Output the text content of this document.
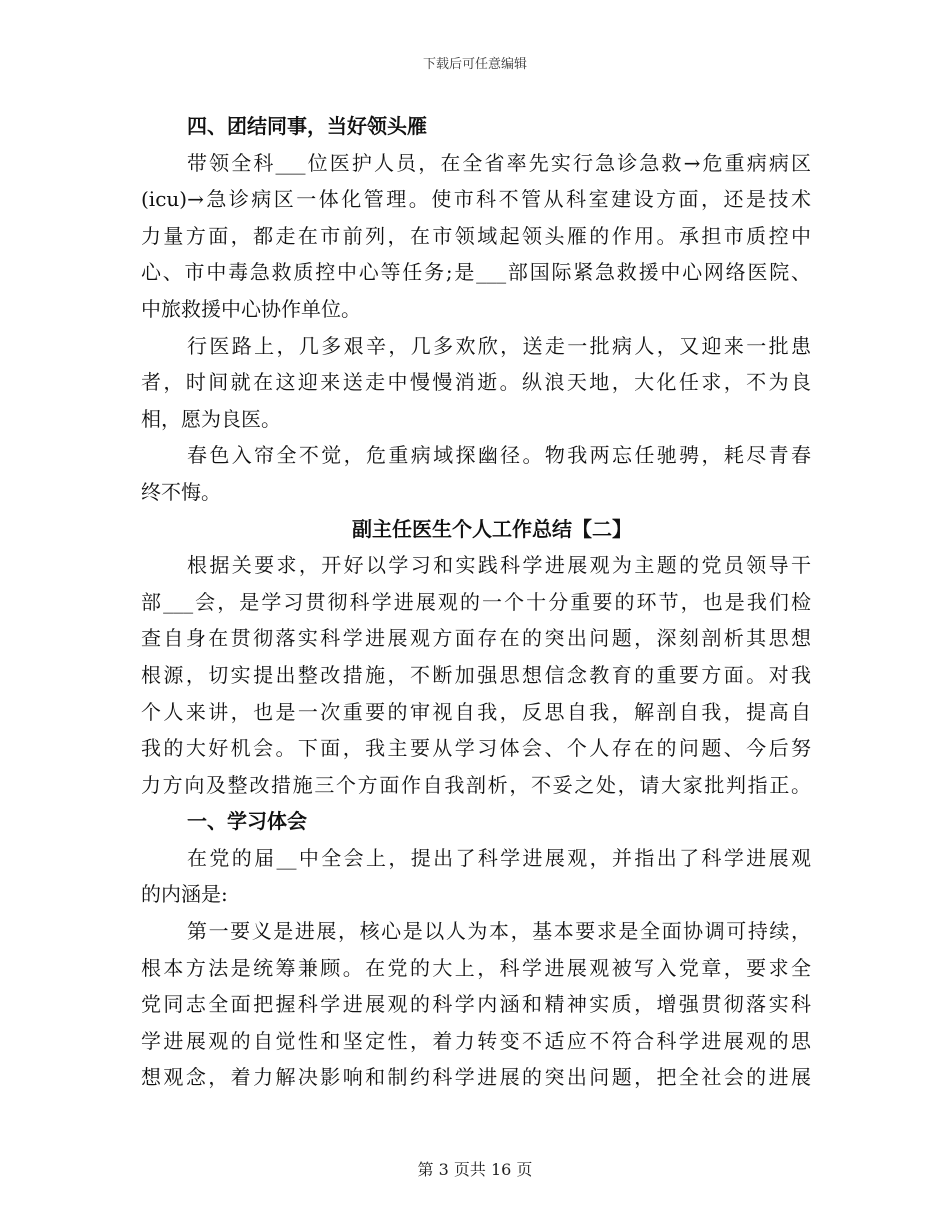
下载后可任意编辑
四、团结同事，当好领头雁
带领全科___位医护人员，在全省率先实行急诊急救→危重病病区
(icu)→急诊病区一体化管理。使市科不管从科室建设方面，还是技术
力量方面，都走在市前列，在市领域起领头雁的作用。承担市质控中
心、市中毒急救质控中心等任务;是___部国际紧急救援中心网络医院、
中旅救援中心协作单位。
行医路上，几多艰辛，几多欢欣，送走一批病人，又迎来一批患
者，时间就在这迎来送走中慢慢消逝。纵浪天地，大化任求，不为良
相，愿为良医。
春色入帘全不觉，危重病域探幽径。物我两忘任驰骋，耗尽青春
终不悔。
副主任医生个人工作总结【二】
根据关要求，开好以学习和实践科学进展观为主题的党员领导干
部___会，是学习贯彻科学进展观的一个十分重要的环节，也是我们检
查自身在贯彻落实科学进展观方面存在的突出问题，深刻剖析其思想
根源，切实提出整改措施，不断加强思想信念教育的重要方面。对我
个人来讲，也是一次重要的审视自我，反思自我，解剖自我，提高自
我的大好机会。下面，我主要从学习体会、个人存在的问题、今后努
力方向及整改措施三个方面作自我剖析，不妥之处，请大家批判指正。
一、学习体会
在党的届__中全会上，提出了科学进展观，并指出了科学进展观
的内涵是:
第一要义是进展，核心是以人为本，基本要求是全面协调可持续，
根本方法是统筹兼顾。在党的大上，科学进展观被写入党章，要求全
党同志全面把握科学进展观的科学内涵和精神实质，增强贯彻落实科
学进展观的自觉性和坚定性，着力转变不适应不符合科学进展观的思
想观念，着力解决影响和制约科学进展的突出问题，把全社会的进展
第 3 页共 16 页
